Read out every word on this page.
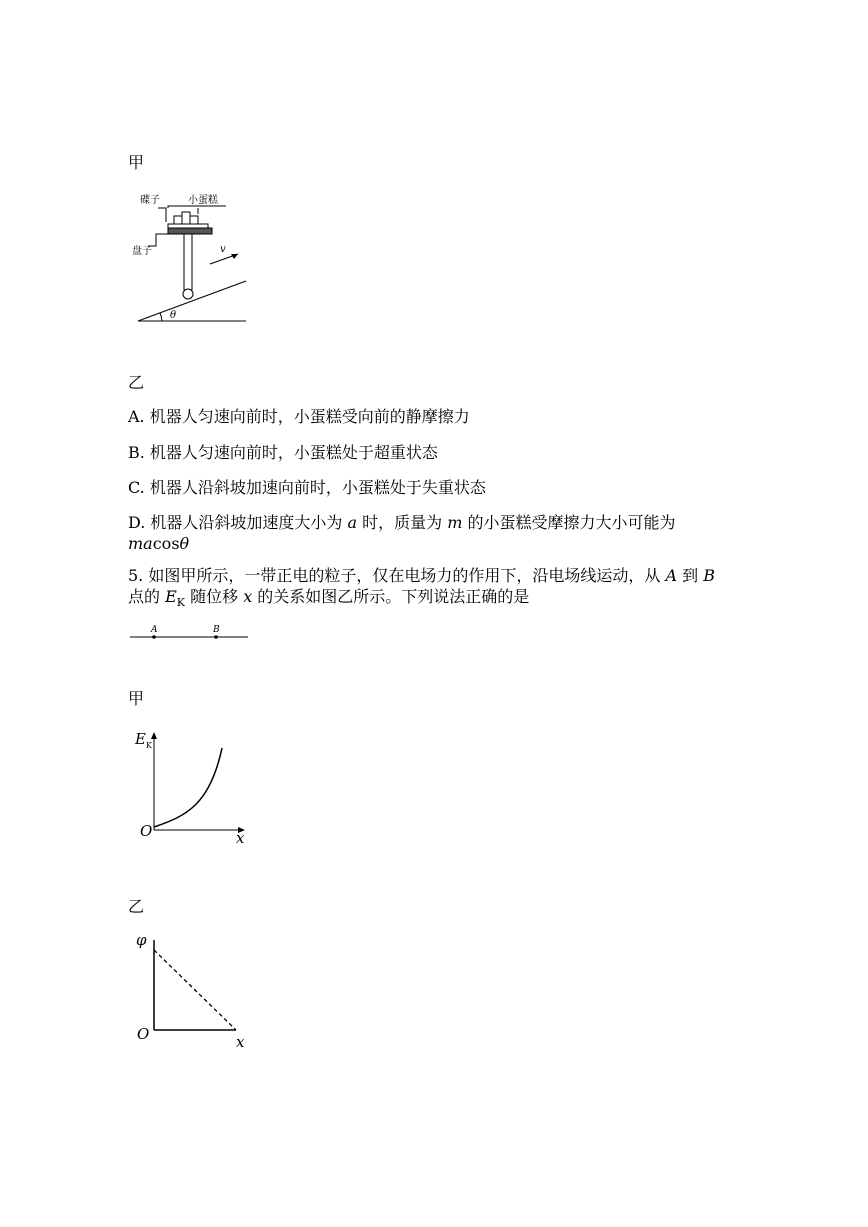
甲
碟子	小蛋糕
盘子
θ
v
乙
A. 机器人匀速向前时，小蛋糕受向前的静摩擦力
B. 机器人匀速向前时，小蛋糕处于超重状态
C. 机器人沿斜坡加速向前时，小蛋糕处于失重状态
D. 机器人沿斜坡加速度大小为 a 时，质量为 m 的小蛋糕受摩擦力大小可能为
macosθ
5. 如图甲所示，一带正电的粒子，仅在电场力的作用下，沿电场线运动，从 A 到 B
点的 $E_K$ 随位移 x 的关系如图乙所示。下列说法正确的是
A	B
甲
$E_K$
O	x
乙
φ
O	x
